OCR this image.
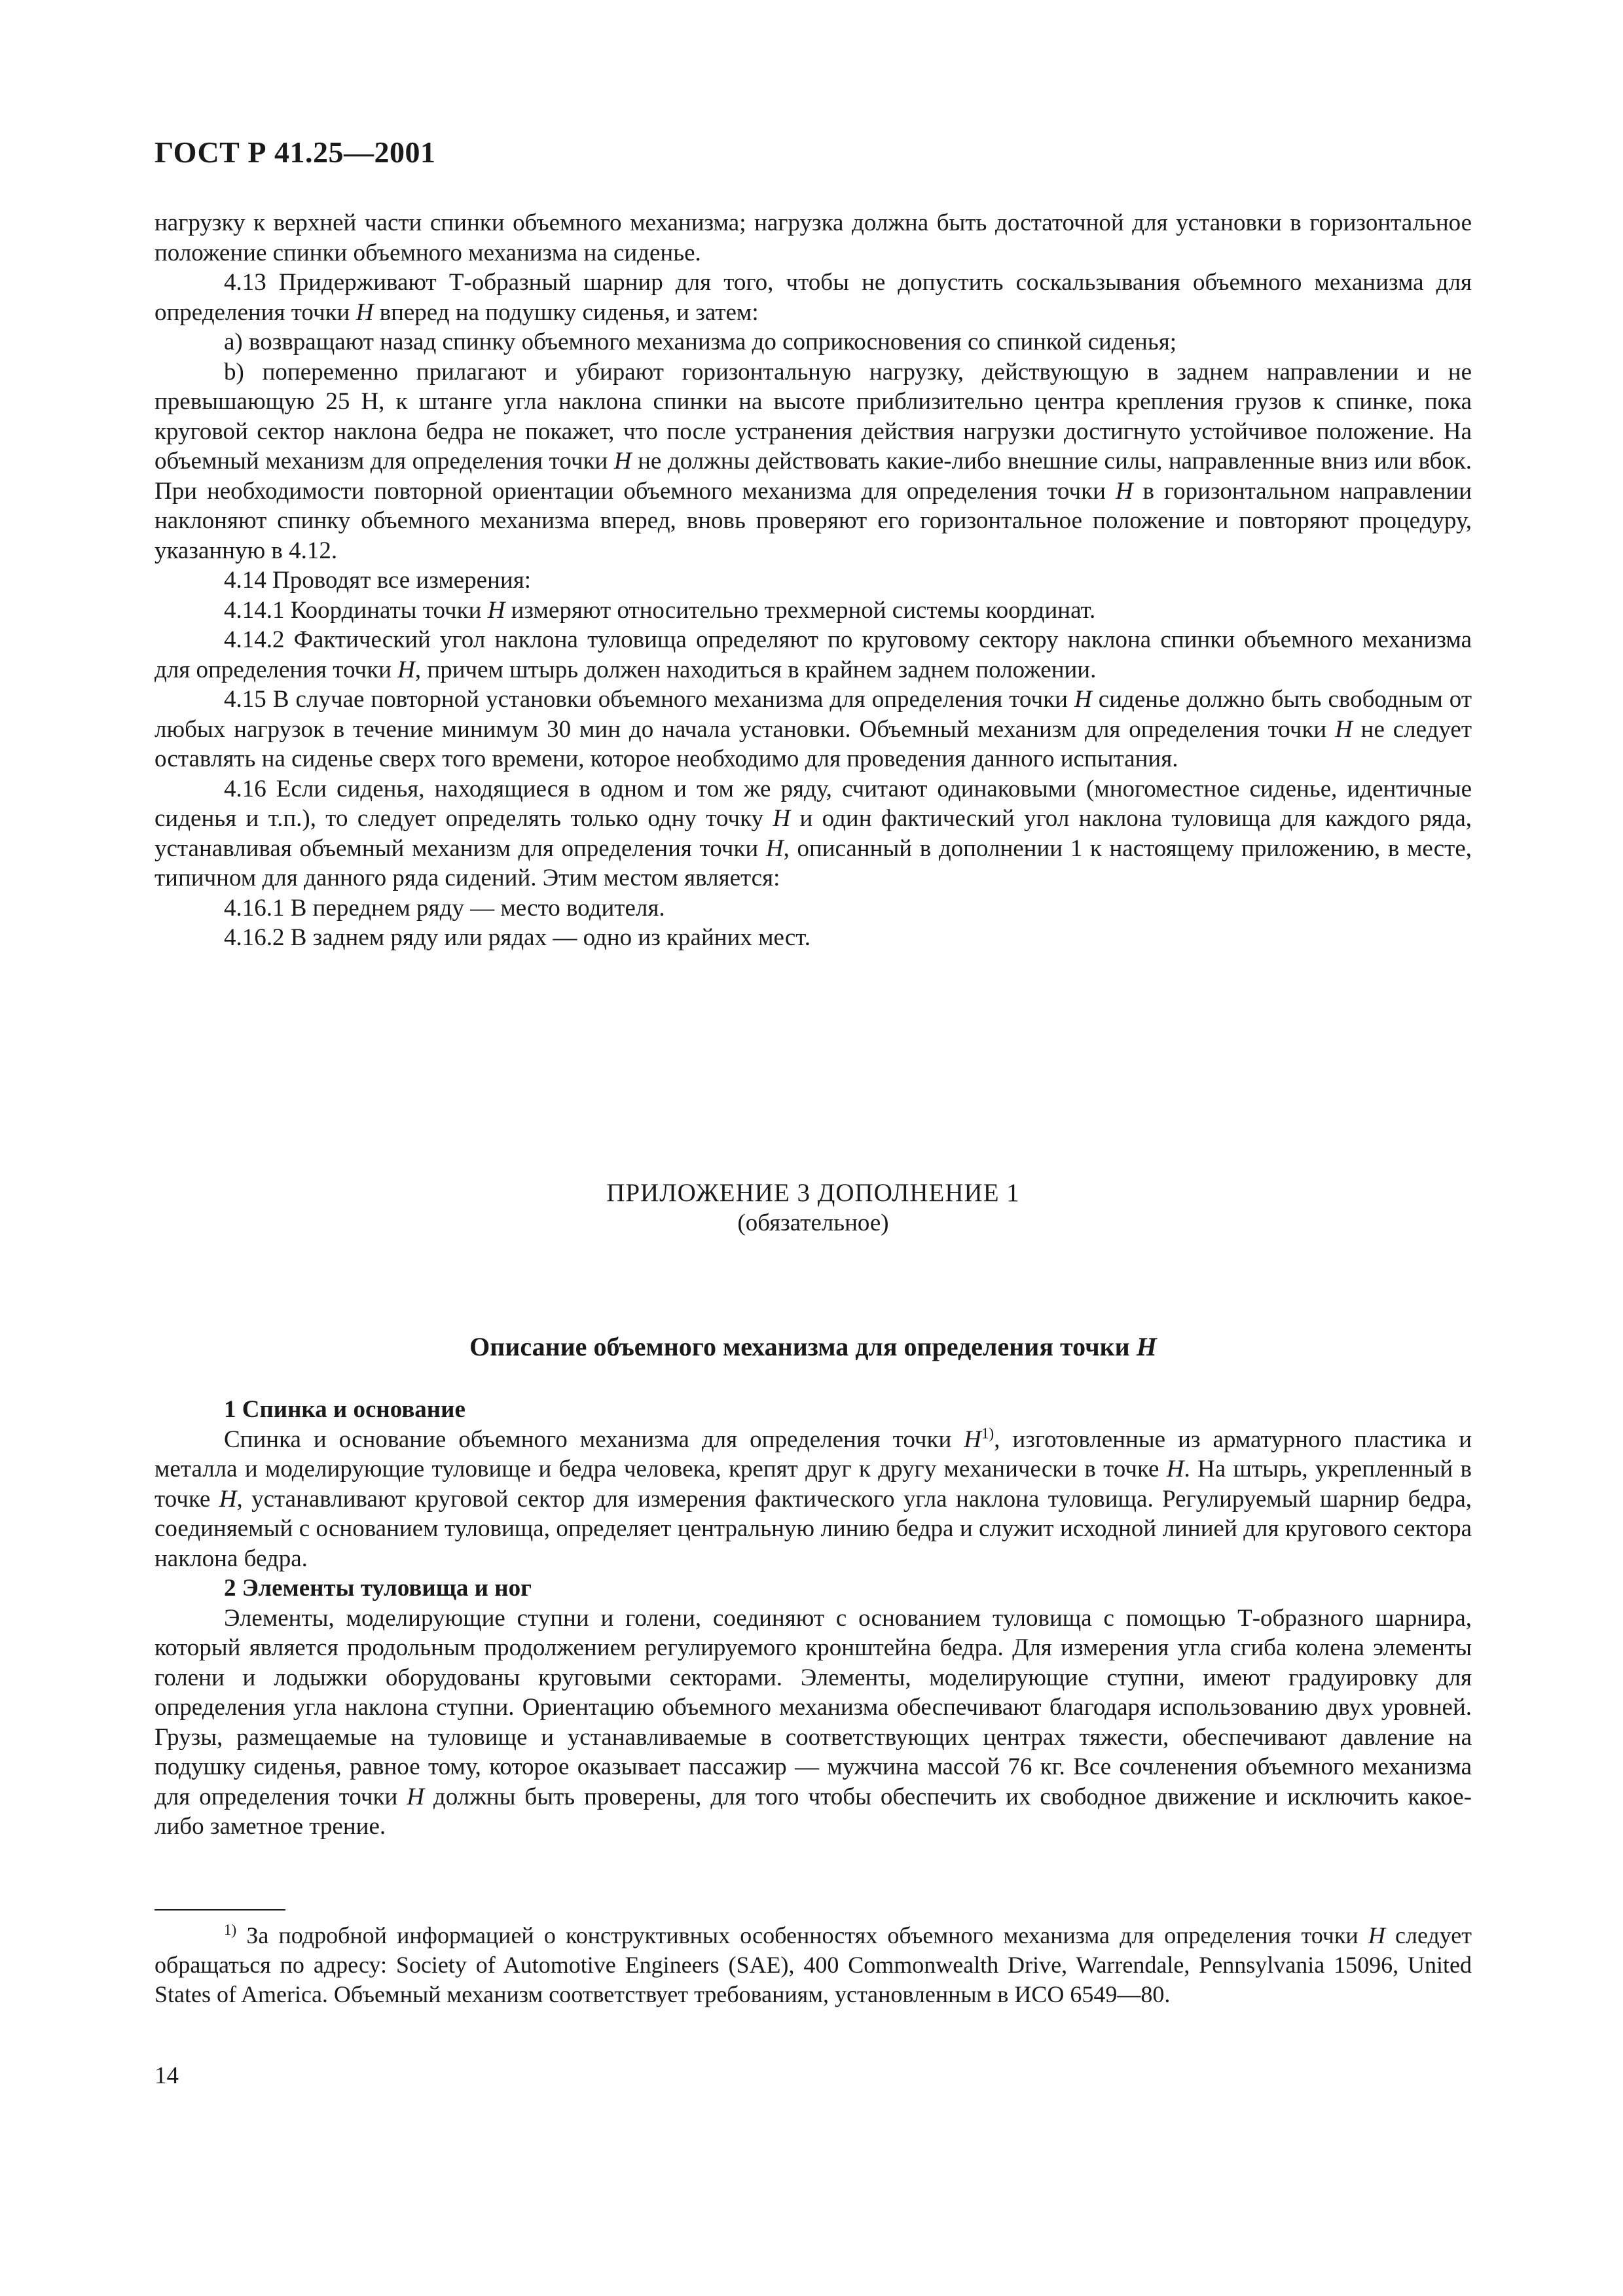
ГОСТ Р 41.25—2001

нагрузку к верхней части спинки объемного механизма; нагрузка должна быть достаточной для установки в горизонтальное положение спинки объемного механизма на сиденье.

4.13 Придерживают Т-образный шарнир для того, чтобы не допустить соскальзывания объемного механизма для определения точки H вперед на подушку сиденья, и затем:

а) возвращают назад спинку объемного механизма до соприкосновения со спинкой сиденья;

b) попеременно прилагают и убирают горизонтальную нагрузку, действующую в заднем направлении и не превышающую 25 Н, к штанге угла наклона спинки на высоте приблизительно центра крепления грузов к спинке, пока круговой сектор наклона бедра не покажет, что после устранения действия нагрузки достигнуто устойчивое положение. На объемный механизм для определения точки H не должны действовать какие-либо внешние силы, направленные вниз или вбок. При необходимости повторной ориентации объемного механизма для определения точки H в горизонтальном направлении наклоняют спинку объемного механизма вперед, вновь проверяют его горизонтальное положение и повторяют процедуру, указанную в 4.12.

4.14 Проводят все измерения:

4.14.1 Координаты точки H измеряют относительно трехмерной системы координат.

4.14.2 Фактический угол наклона туловища определяют по круговому сектору наклона спинки объемного механизма для определения точки H, причем штырь должен находиться в крайнем заднем положении.

4.15 В случае повторной установки объемного механизма для определения точки H сиденье должно быть свободным от любых нагрузок в течение минимум 30 мин до начала установки. Объемный механизм для определения точки H не следует оставлять на сиденье сверх того времени, которое необходимо для проведения данного испытания.

4.16 Если сиденья, находящиеся в одном и том же ряду, считают одинаковыми (многоместное сиденье, идентичные сиденья и т.п.), то следует определять только одну точку H и один фактический угол наклона туловища для каждого ряда, устанавливая объемный механизм для определения точки H, описанный в дополнении 1 к настоящему приложению, в месте, типичном для данного ряда сидений. Этим местом является:

4.16.1 В переднем ряду — место водителя.

4.16.2 В заднем ряду или рядах — одно из крайних мест.

ПРИЛОЖЕНИЕ 3 ДОПОЛНЕНИЕ 1
(обязательное)
Описание объемного механизма для определения точки H

1 Спинка и основание

Спинка и основание объемного механизма для определения точки $H^{1)}$, изготовленные из арматурного пластика и металла и моделирующие туловище и бедра человека, крепят друг к другу механически в точке H. На штырь, укрепленный в точке H, устанавливают круговой сектор для измерения фактического угла наклона туловища. Регулируемый шарнир бедра, соединяемый с основанием туловища, определяет центральную линию бедра и служит исходной линией для кругового сектора наклона бедра.

2 Элементы туловища и ног

Элементы, моделирующие ступни и голени, соединяют с основанием туловища с помощью Т-образного шарнира, который является продольным продолжением регулируемого кронштейна бедра. Для измерения угла сгиба колена элементы голени и лодыжки оборудованы круговыми секторами. Элементы, моделирующие ступни, имеют градуировку для определения угла наклона ступни. Ориентацию объемного механизма обеспечивают благодаря использованию двух уровней. Грузы, размещаемые на туловище и устанавливаемые в соответствующих центрах тяжести, обеспечивают давление на подушку сиденья, равное тому, которое оказывает пассажир — мужчина массой 76 кг. Все сочленения объемного механизма для определения точки H должны быть проверены, для того чтобы обеспечить их свободное движение и исключить какое-либо заметное трение.

$^{1)}$ За подробной информацией о конструктивных особенностях объемного механизма для определения точки H следует обращаться по адресу: Society of Automotive Engineers (SAE), 400 Commonwealth Drive, Warrendale, Pennsylvania 15096, United States of America. Объемный механизм соответствует требованиям, установленным в ИСО 6549—80.

14
